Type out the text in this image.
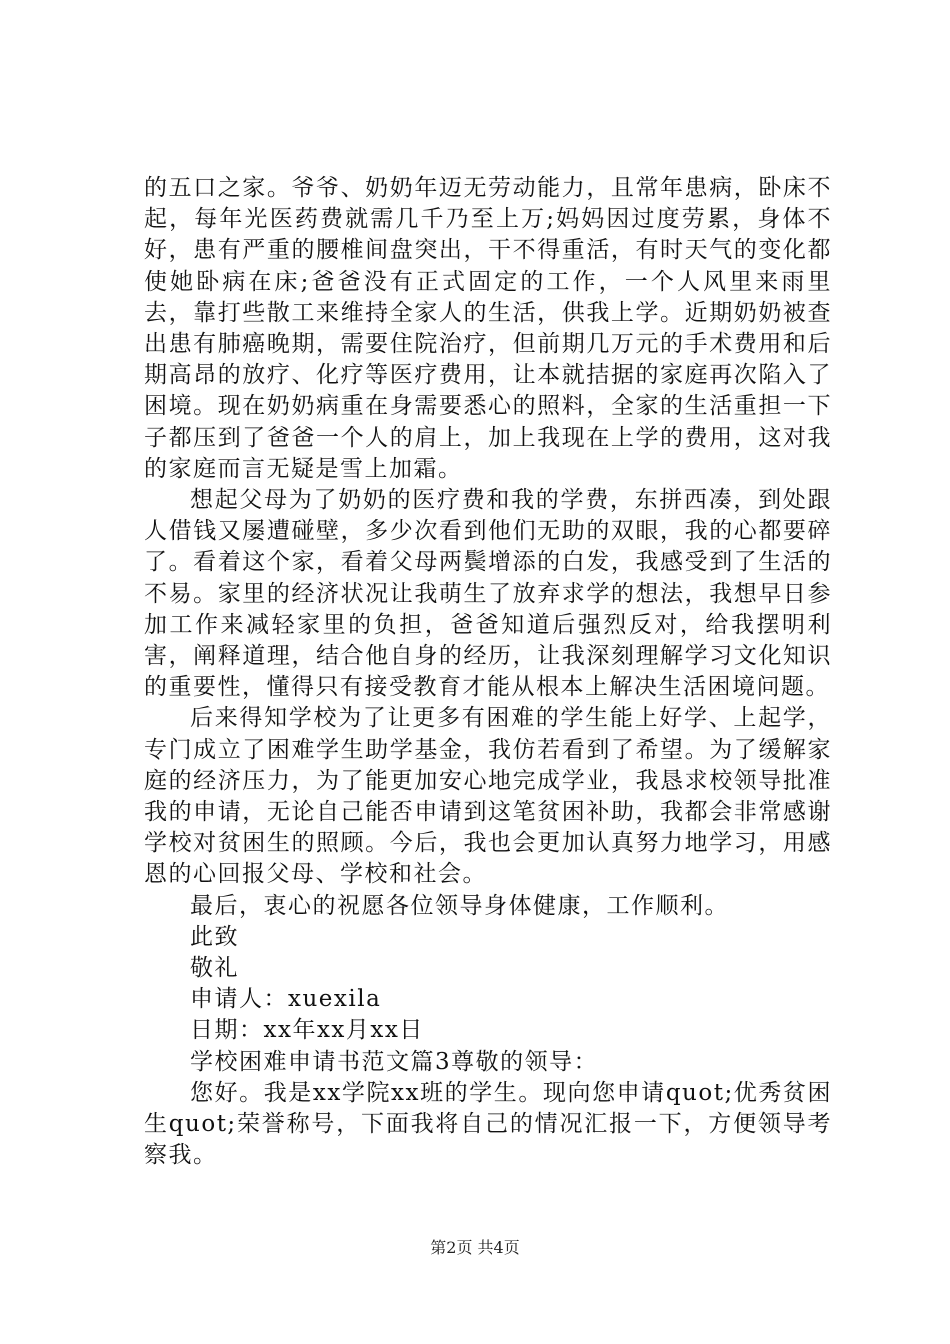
的五口之家。爷爷、奶奶年迈无劳动能力，且常年患病，卧床不起，每年光医药费就需几千乃至上万;妈妈因过度劳累，身体不好，患有严重的腰椎间盘突出，干不得重活，有时天气的变化都使她卧病在床;爸爸没有正式固定的工作，一个人风里来雨里去，靠打些散工来维持全家人的生活，供我上学。近期奶奶被查出患有肺癌晚期，需要住院治疗，但前期几万元的手术费用和后期高昂的放疗、化疗等医疗费用，让本就拮据的家庭再次陷入了困境。现在奶奶病重在身需要悉心的照料，全家的生活重担一下子都压到了爸爸一个人的肩上，加上我现在上学的费用，这对我的家庭而言无疑是雪上加霜。

想起父母为了奶奶的医疗费和我的学费，东拼西凑，到处跟人借钱又屡遭碰壁，多少次看到他们无助的双眼，我的心都要碎了。看着这个家，看着父母两鬓增添的白发，我感受到了生活的不易。家里的经济状况让我萌生了放弃求学的想法，我想早日参加工作来减轻家里的负担，爸爸知道后强烈反对，给我摆明利害，阐释道理，结合他自身的经历，让我深刻理解学习文化知识的重要性，懂得只有接受教育才能从根本上解决生活困境问题。

后来得知学校为了让更多有困难的学生能上好学、上起学，专门成立了困难学生助学基金，我仿若看到了希望。为了缓解家庭的经济压力，为了能更加安心地完成学业，我恳求校领导批准我的申请，无论自己能否申请到这笔贫困补助，我都会非常感谢学校对贫困生的照顾。今后，我也会更加认真努力地学习，用感恩的心回报父母、学校和社会。

最后，衷心的祝愿各位领导身体健康，工作顺利。

此致

敬礼

申请人：xuexila

日期：xx年xx月xx日

学校困难申请书范文篇3尊敬的领导：

您好。我是xx学院xx班的学生。现向您申请quot;优秀贫困生quot;荣誉称号，下面我将自己的情况汇报一下，方便领导考察我。

第2页 共4页
